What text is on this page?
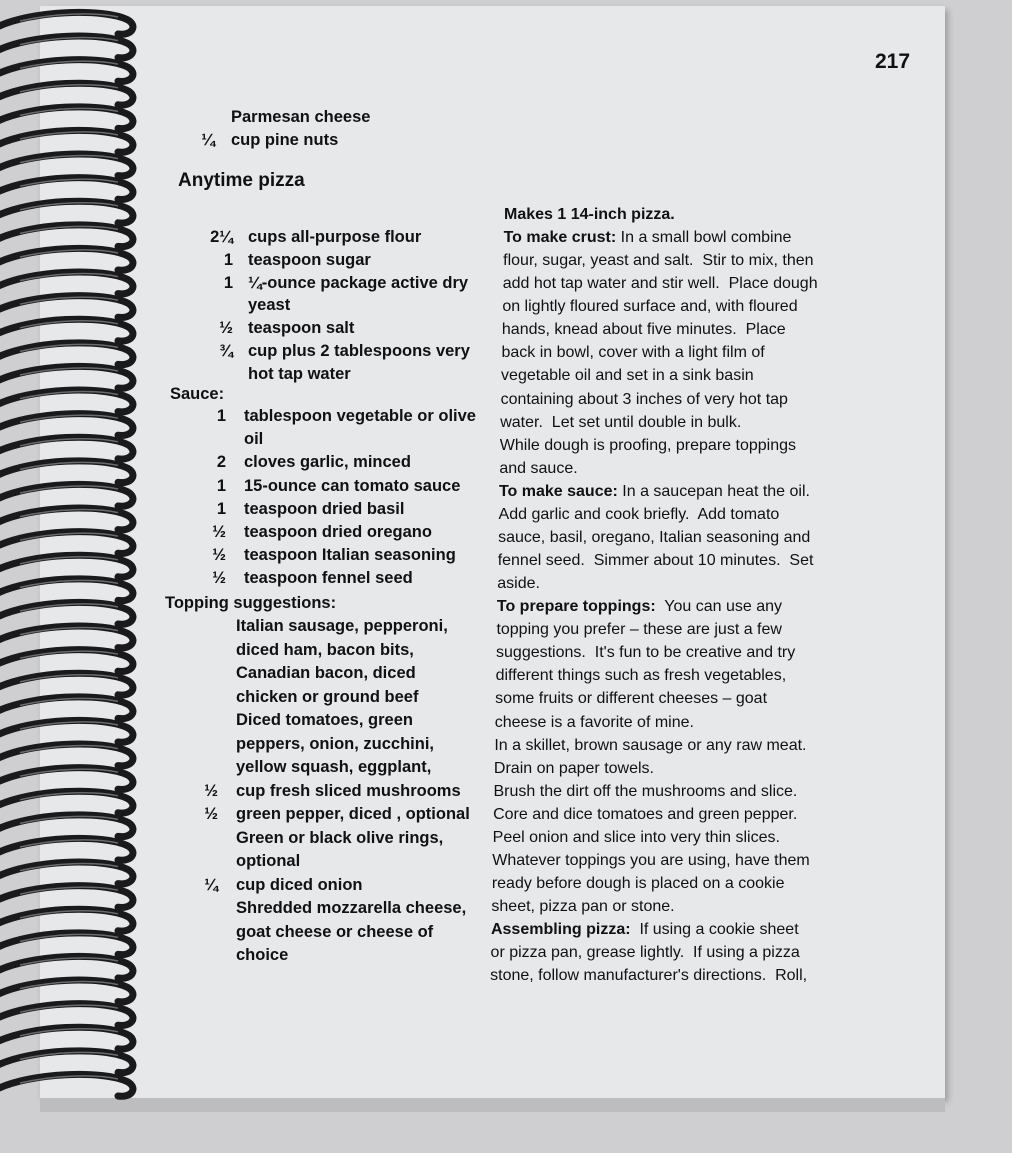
217
Anytime pizza
Sauce:
Topping suggestions:
Parmesan cheese
¼ cup pine nuts
2¼ cups all-purpose flour
1 teaspoon sugar
1 ¼-ounce package active dry
yeast
½ teaspoon salt
¾ cup plus 2 tablespoons very
hot tap water
1 tablespoon vegetable or olive
oil
2 cloves garlic, minced
1 15-ounce can tomato sauce
1 teaspoon dried basil
½ teaspoon dried oregano
½ teaspoon Italian seasoning
½ teaspoon fennel seed
Italian sausage, pepperoni,
diced ham, bacon bits,
Canadian bacon, diced
chicken or ground beef
Diced tomatoes, green
peppers, onion, zucchini,
yellow squash, eggplant,
½ cup fresh sliced mushrooms
½ green pepper, diced , optional
Green or black olive rings,
optional
¼ cup diced onion
Shredded mozzarella cheese,
goat cheese or cheese of
choice
Makes 1 14-inch pizza.
To make crust: In a small bowl combine
flour, sugar, yeast and salt.  Stir to mix, then
add hot tap water and stir well.  Place dough
on lightly floured surface and, with floured
hands, knead about five minutes.  Place
back in bowl, cover with a light film of
vegetable oil and set in a sink basin
containing about 3 inches of very hot tap
water.  Let set until double in bulk.
While dough is proofing, prepare toppings
and sauce.
To make sauce: In a saucepan heat the oil.
Add garlic and cook briefly.  Add tomato
sauce, basil, oregano, Italian seasoning and
fennel seed.  Simmer about 10 minutes.  Set
aside.
To prepare toppings:  You can use any
topping you prefer – these are just a few
suggestions.  It's fun to be creative and try
different things such as fresh vegetables,
some fruits or different cheeses – goat
cheese is a favorite of mine.
In a skillet, brown sausage or any raw meat.
Drain on paper towels.
Brush the dirt off the mushrooms and slice.
Core and dice tomatoes and green pepper.
Peel onion and slice into very thin slices.
Whatever toppings you are using, have them
ready before dough is placed on a cookie
sheet, pizza pan or stone.
Assembling pizza:  If using a cookie sheet
or pizza pan, grease lightly.  If using a pizza
stone, follow manufacturer's directions.  Roll,
